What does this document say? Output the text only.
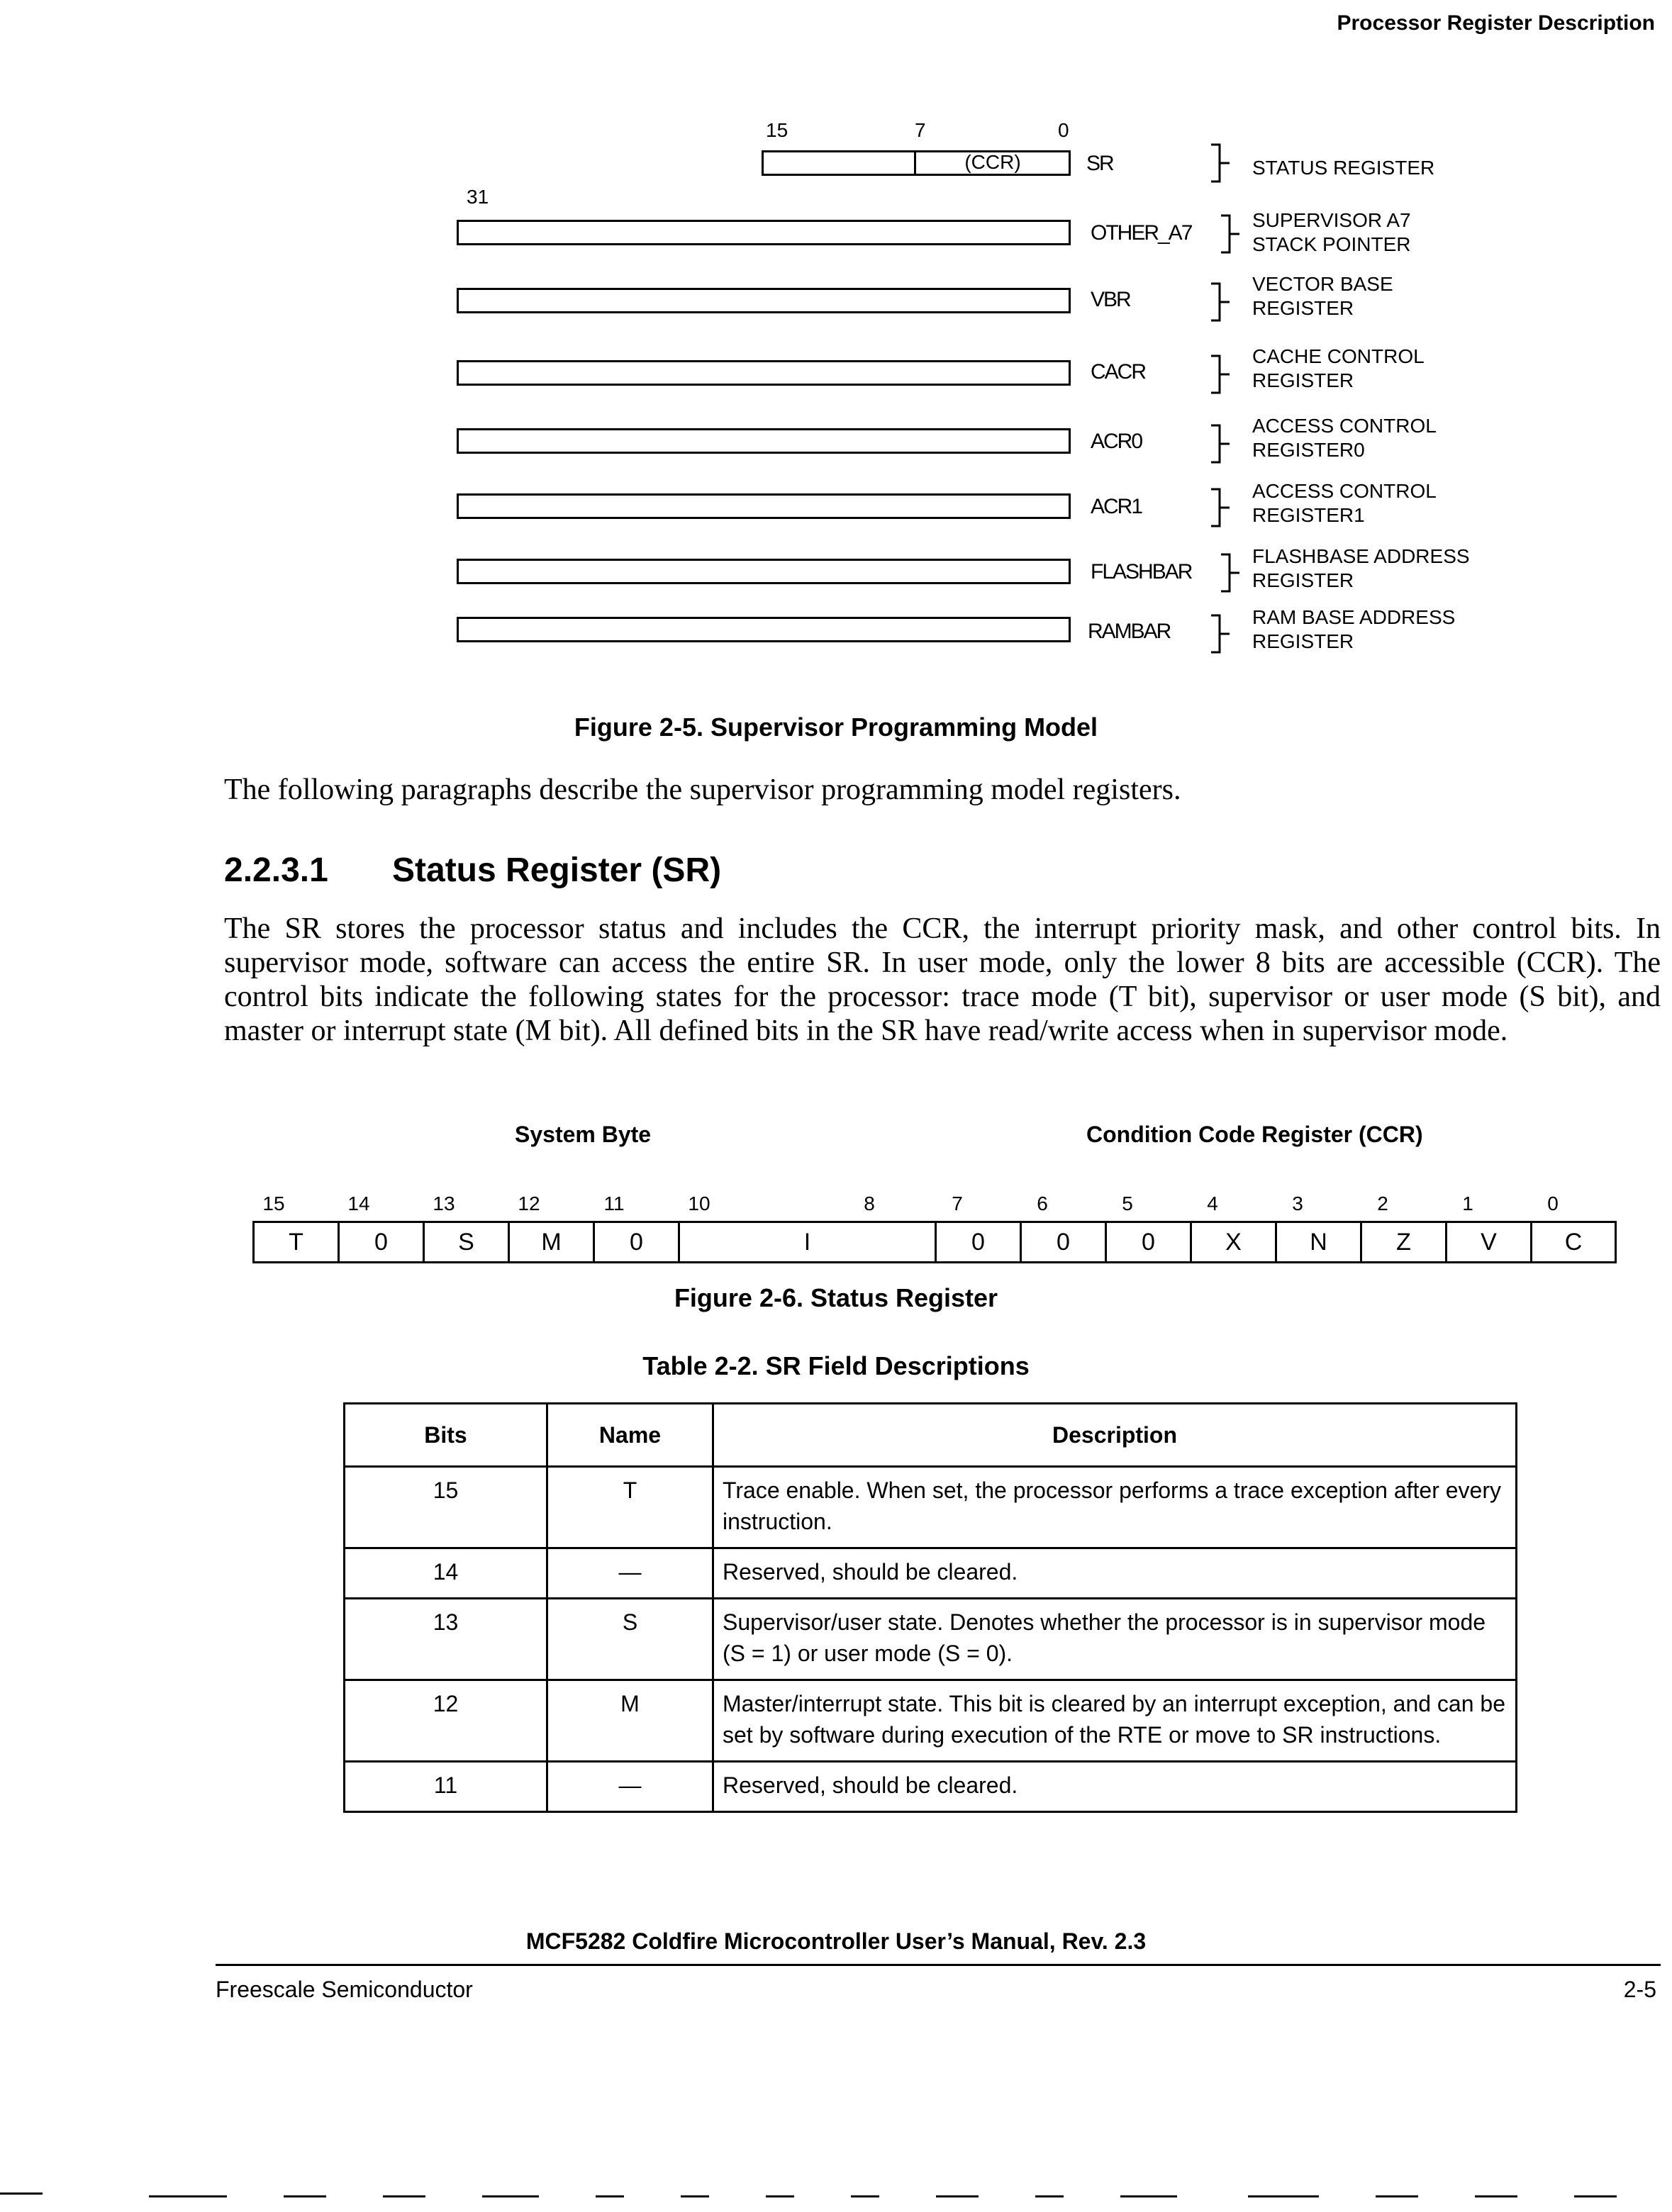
Processor Register Description
15	7	0
31
(CCR)	SR	STATUS REGISTER
OTHER_A7
SUPERVISOR A7
STACK POINTER
VBR
VECTOR BASE
REGISTER
CACR
CACHE CONTROL
REGISTER
ACR0
ACCESS CONTROL
REGISTER0
ACR1
ACCESS CONTROL
REGISTER1
FLASHBAR
FLASHBASE ADDRESS
REGISTER
RAMBAR
RAM BASE ADDRESS
REGISTER
Figure 2-5. Supervisor Programming Model
The following paragraphs describe the supervisor programming model registers.
2.2.3.1 Status Register (SR)

The SR stores the processor status and includes the CCR, the interrupt priority mask, and other control bits. In supervisor mode, software can access the entire SR. In user mode, only the lower 8 bits are accessible (CCR). The control bits indicate the following states for the processor: trace mode (T bit), supervisor or user mode (S bit), and master or interrupt state (M bit). All defined bits in the SR have read/write access when in supervisor mode.

System Byte	Condition Code Register (CCR)
15	14	13	12	11	10	8	7	6	5	4	3	2	1	0
T	0	S	M	0	I	0	0	0	X	N	Z	V	C
Figure 2-6. Status Register
Table 2-2. SR Field Descriptions
Bits	Name	Description
15	T	Trace enable. When set, the processor performs a trace exception after every instruction.
14	—	Reserved, should be cleared.
13	S	Supervisor/user state. Denotes whether the processor is in supervisor mode (S = 1) or user mode (S = 0).
12	M	Master/interrupt state. This bit is cleared by an interrupt exception, and can be set by software during execution of the RTE or move to SR instructions.
11	—	Reserved, should be cleared.
MCF5282 Coldfire Microcontroller User’s Manual, Rev. 2.3
Freescale Semiconductor	2-5
